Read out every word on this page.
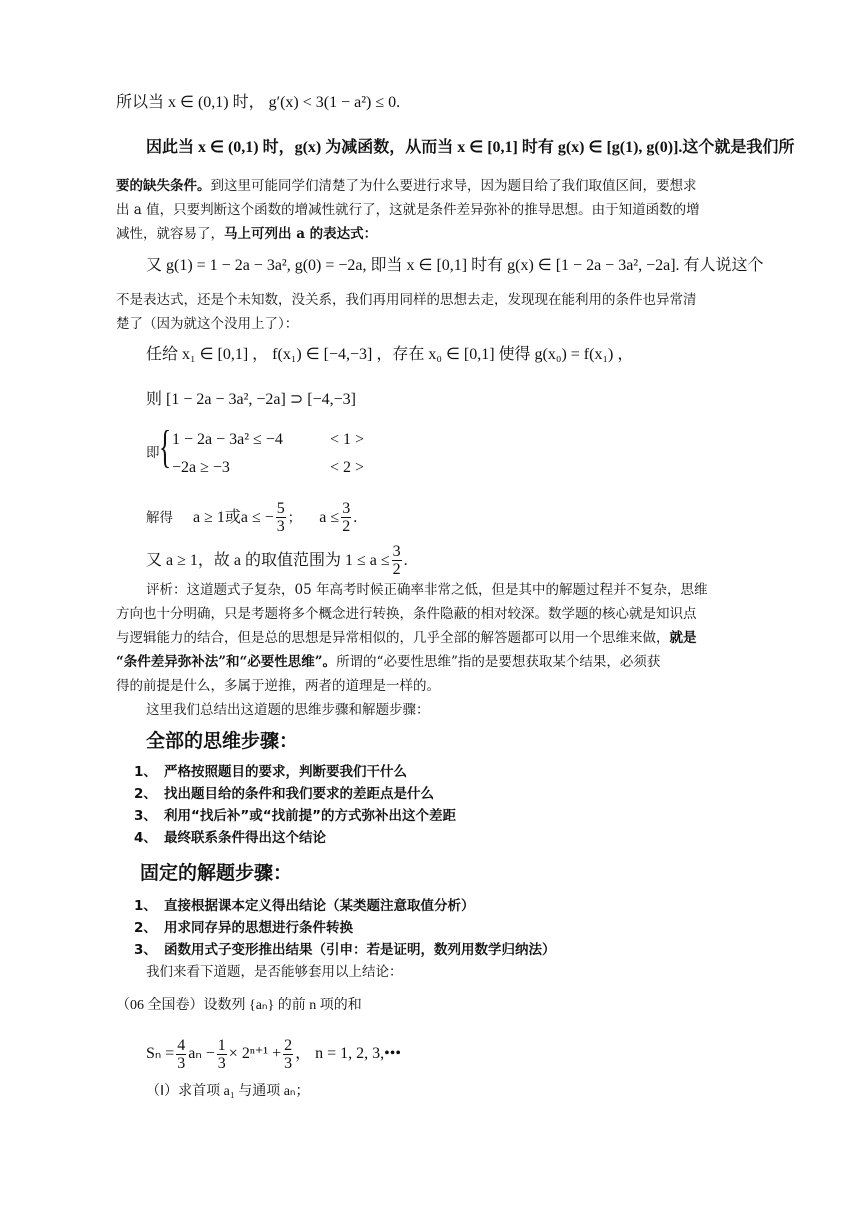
所以当 x ∈ (0,1) 时， g′(x) < 3(1 − a²) ≤ 0.
因此当 x ∈ (0,1) 时，g(x) 为减函数，从而当 x ∈ [0,1] 时有 g(x) ∈ [g(1), g(0)].这个就是我们所
要的缺失条件。到这里可能同学们清楚了为什么要进行求导，因为题目给了我们取值区间，要想求
出 a 值，只要判断这个函数的增减性就行了，这就是条件差异弥补的推导思想。由于知道函数的增
减性，就容易了，马上可列出 a 的表达式：
又 g(1) = 1 − 2a − 3a², g(0) = −2a, 即当 x ∈ [0,1] 时有 g(x) ∈ [1 − 2a − 3a², −2a]. 有人说这个
不是表达式，还是个未知数，没关系，我们再用同样的思想去走，发现现在能利用的条件也异常清
楚了（因为就这个没用上了）：
任给 x₁ ∈ [0,1] ， f(x₁) ∈ [−4,−3] ，存在 x₀ ∈ [0,1] 使得 g(x₀) = f(x₁) ，
则 [1 − 2a − 3a², −2a] ⊃ [−4,−3]
即 { 1 − 2a − 3a² ≤ −4	< 1 >
−2a ≥ −3	< 2 >
解得 a ≥ 1或a ≤ − $\frac{5}{3}$ ； $a \le \frac{3}{2}$ .
又 a ≥ 1，故 a 的取值范围为 $1 \le a \le \frac{3}{2}$ .
评析：这道题式子复杂，05 年高考时候正确率非常之低，但是其中的解题过程并不复杂，思维
方向也十分明确，只是考题将多个概念进行转换，条件隐蔽的相对较深。数学题的核心就是知识点
与逻辑能力的结合，但是总的思想是异常相似的，几乎全部的解答题都可以用一个思维来做，就是
“条件差异弥补法”和“必要性思维”。所谓的“必要性思维”指的是要想获取某个结果，必须获
得的前提是什么，多属于逆推，两者的道理是一样的。
这里我们总结出这道题的思维步骤和解题步骤：
全部的思维步骤：
1、 严格按照题目的要求，判断要我们干什么
2、 找出题目给的条件和我们要求的差距点是什么
3、 利用“找后补”或“找前提”的方式弥补出这个差距
4、 最终联系条件得出这个结论
固定的解题步骤：
1、 直接根据课本定义得出结论（某类题注意取值分析）
2、 用求同存异的思想进行条件转换
3、 函数用式子变形推出结果（引申：若是证明，数列用数学归纳法）
我们来看下道题，是否能够套用以上结论：
（06 全国卷）设数列 {aₙ} 的前 n 项的和
$S_n = \frac{4}{3}$ $a_n - \frac{1}{3} \times 2^{n+1} + \frac{2}{3}$ ， n = 1, 2, 3,•••
（Ⅰ）求首项 a₁ 与通项 aₙ；
